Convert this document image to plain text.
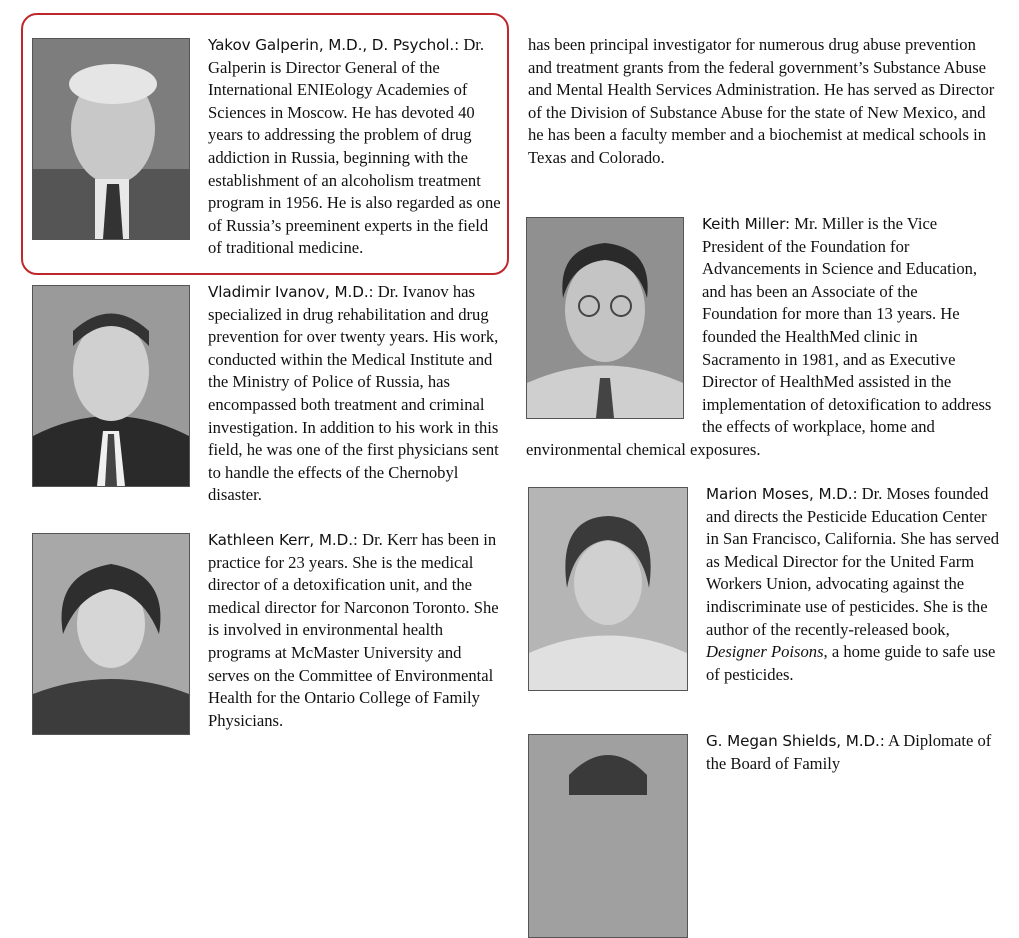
Yakov Galperin, M.D., D. Psychol.: Dr. Galperin is Director General of the International ENIEology Academies of Sciences in Moscow. He has devoted 40 years to addressing the problem of drug addiction in Russia, beginning with the establishment of an alcoholism treatment program in 1956. He is also regarded as one of Russia’s preeminent experts in the field of traditional medicine.

Vladimir Ivanov, M.D.: Dr. Ivanov has specialized in drug rehabilitation and drug prevention for over twenty years. His work, conducted within the Medical Institute and the Ministry of Police of Russia, has encompassed both treatment and criminal investigation. In addition to his work in this field, he was one of the first physicians sent to handle the effects of the Chernobyl disaster.

Kathleen Kerr, M.D.: Dr. Kerr has been in practice for 23 years. She is the medical director of a detoxification unit, and the medical director for Narconon Toronto. She is involved in environmental health programs at McMaster University and serves on the Committee of Environmental Health for the Ontario College of Family Physicians.

has been principal investigator for numerous drug abuse prevention and treatment grants from the federal government’s Substance Abuse and Mental Health Services Administration. He has served as Director of the Division of Substance Abuse for the state of New Mexico, and he has been a faculty member and a biochemist at medical schools in Texas and Colorado.

Keith Miller: Mr. Miller is the Vice President of the Foundation for Advancements in Science and Education, and has been an Associate of the Foundation for more than 13 years. He founded the HealthMed clinic in Sacramento in 1981, and as Executive Director of HealthMed assisted in the implementation of detoxification to address the effects of workplace, home and environmental chemical exposures.

Marion Moses, M.D.: Dr. Moses founded and directs the Pesticide Education Center in San Francisco, California. She has served as Medical Director for the United Farm Workers Union, advocating against the indiscriminate use of pesticides. She is the author of the recently-released book, Designer Poisons, a home guide to safe use of pesticides.

G. Megan Shields, M.D.: A Diplomate of the Board of Family
